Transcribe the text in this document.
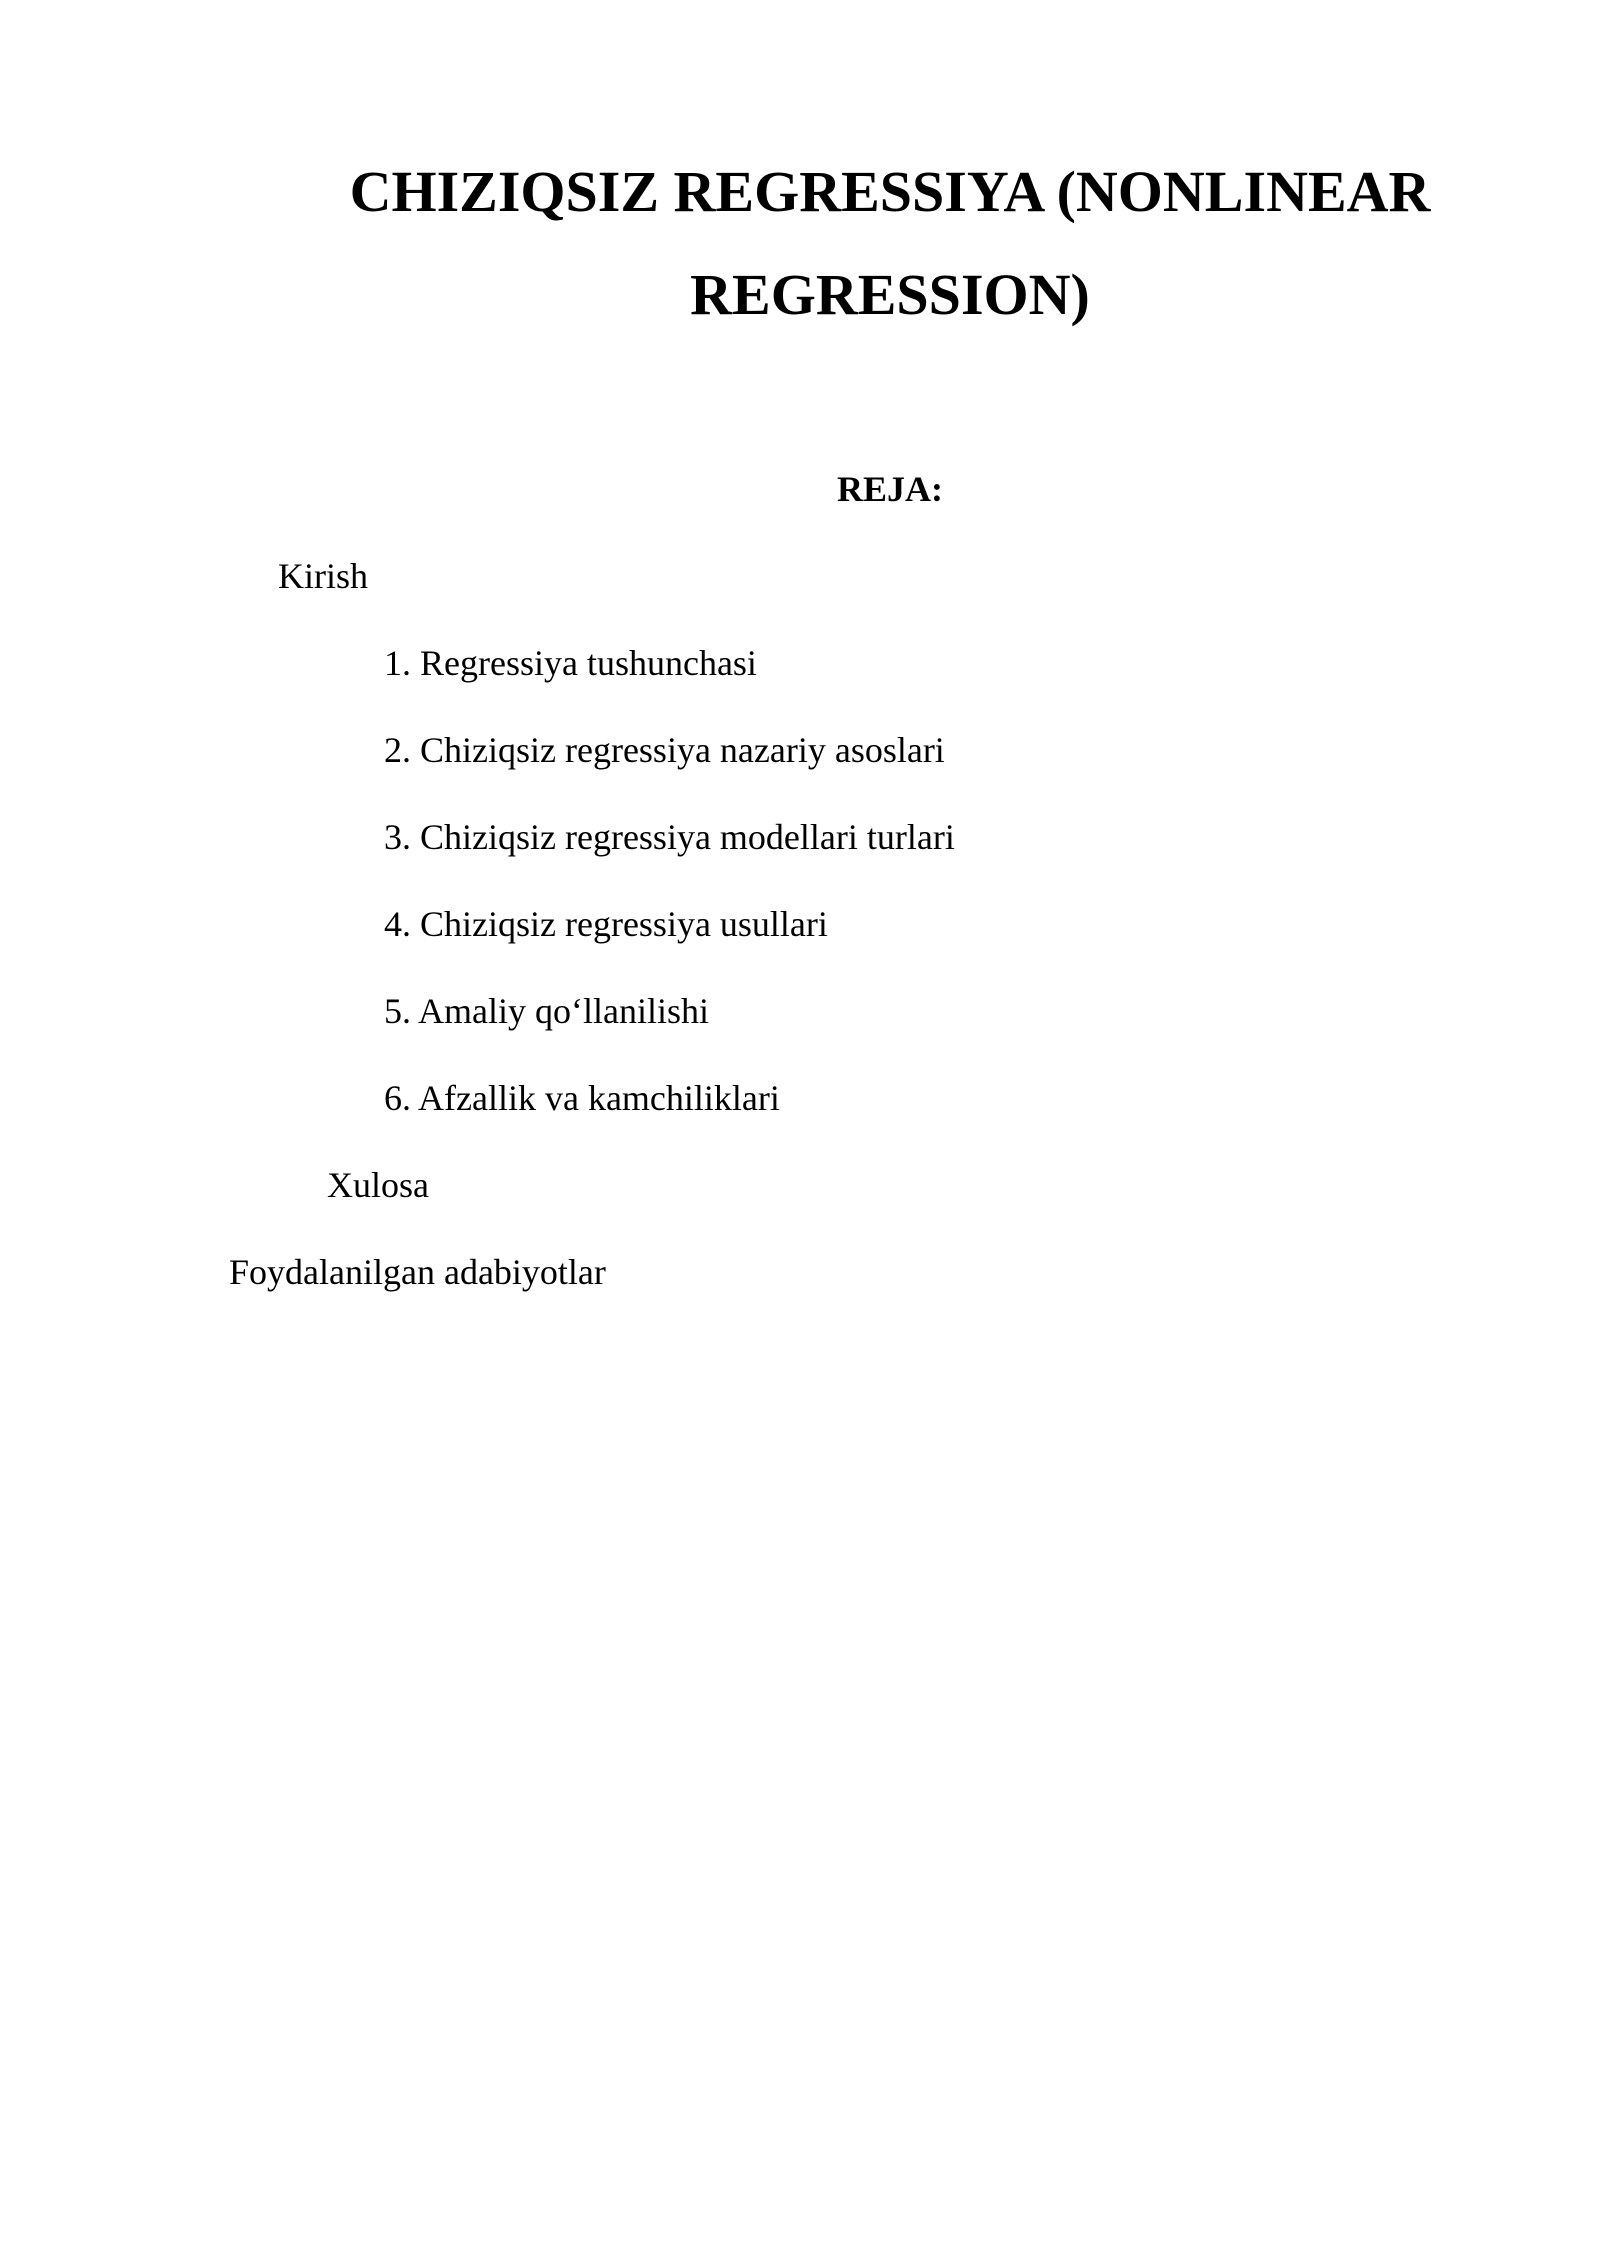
CHIZIQSIZ REGRESSIYA (NONLINEAR REGRESSION)
REJA:

Kirish

1. Regressiya tushunchasi

2. Chiziqsiz regressiya nazariy asoslari

3. Chiziqsiz regressiya modellari turlari

4. Chiziqsiz regressiya usullari

5. Amaliy qo‘llanilishi

6. Afzallik va kamchiliklari

Xulosa

Foydalanilgan adabiyotlar
